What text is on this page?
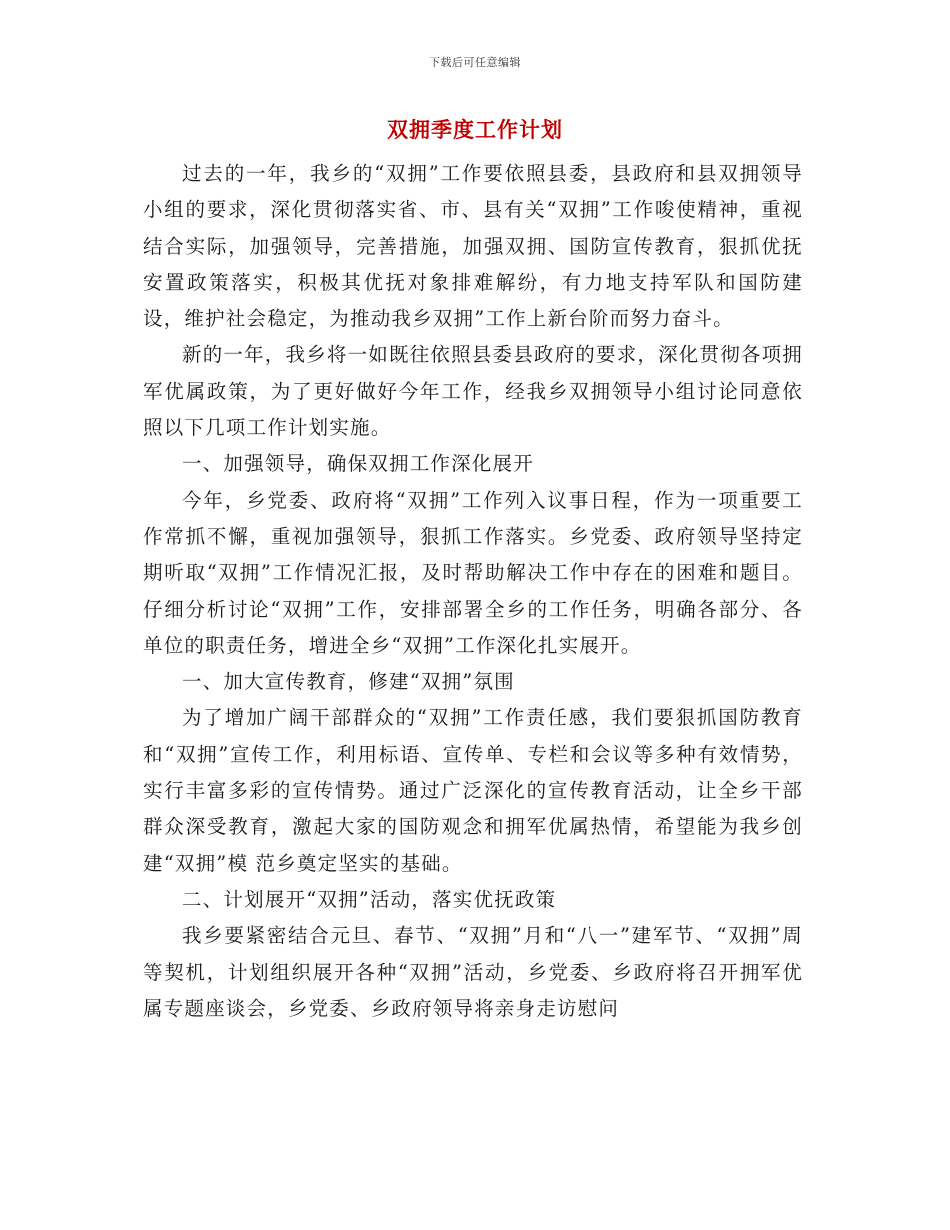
下载后可任意编辑
双拥季度工作计划

过去的一年，我乡的“双拥”工作要依照县委，县政府和县双拥领导小组的要求，深化贯彻落实省、市、县有关“双拥”工作唆使精神，重视结合实际，加强领导，完善措施，加强双拥、国防宣传教育，狠抓优抚安置政策落实，积极其优抚对象排难解纷，有力地支持军队和国防建设，维护社会稳定，为推动我乡双拥”工作上新台阶而努力奋斗。

新的一年，我乡将一如既往依照县委县政府的要求，深化贯彻各项拥军优属政策，为了更好做好今年工作，经我乡双拥领导小组讨论同意依照以下几项工作计划实施。

一、加强领导，确保双拥工作深化展开

今年，乡党委、政府将“双拥”工作列入议事日程，作为一项重要工作常抓不懈，重视加强领导，狠抓工作落实。乡党委、政府领导坚持定期听取“双拥”工作情况汇报，及时帮助解决工作中存在的困难和题目。仔细分析讨论“双拥”工作，安排部署全乡的工作任务，明确各部分、各单位的职责任务，增进全乡“双拥”工作深化扎实展开。

一、加大宣传教育，修建“双拥”氛围

为了增加广阔干部群众的“双拥”工作责任感，我们要狠抓国防教育和“双拥”宣传工作，利用标语、宣传单、专栏和会议等多种有效情势，实行丰富多彩的宣传情势。通过广泛深化的宣传教育活动，让全乡干部群众深受教育，激起大家的国防观念和拥军优属热情，希望能为我乡创建“双拥”模 范乡奠定坚实的基础。

二、计划展开“双拥”活动，落实优抚政策

我乡要紧密结合元旦、春节、“双拥”月和“八一”建军节、“双拥”周等契机，计划组织展开各种“双拥”活动，乡党委、乡政府将召开拥军优属专题座谈会，乡党委、乡政府领导将亲身走访慰问
